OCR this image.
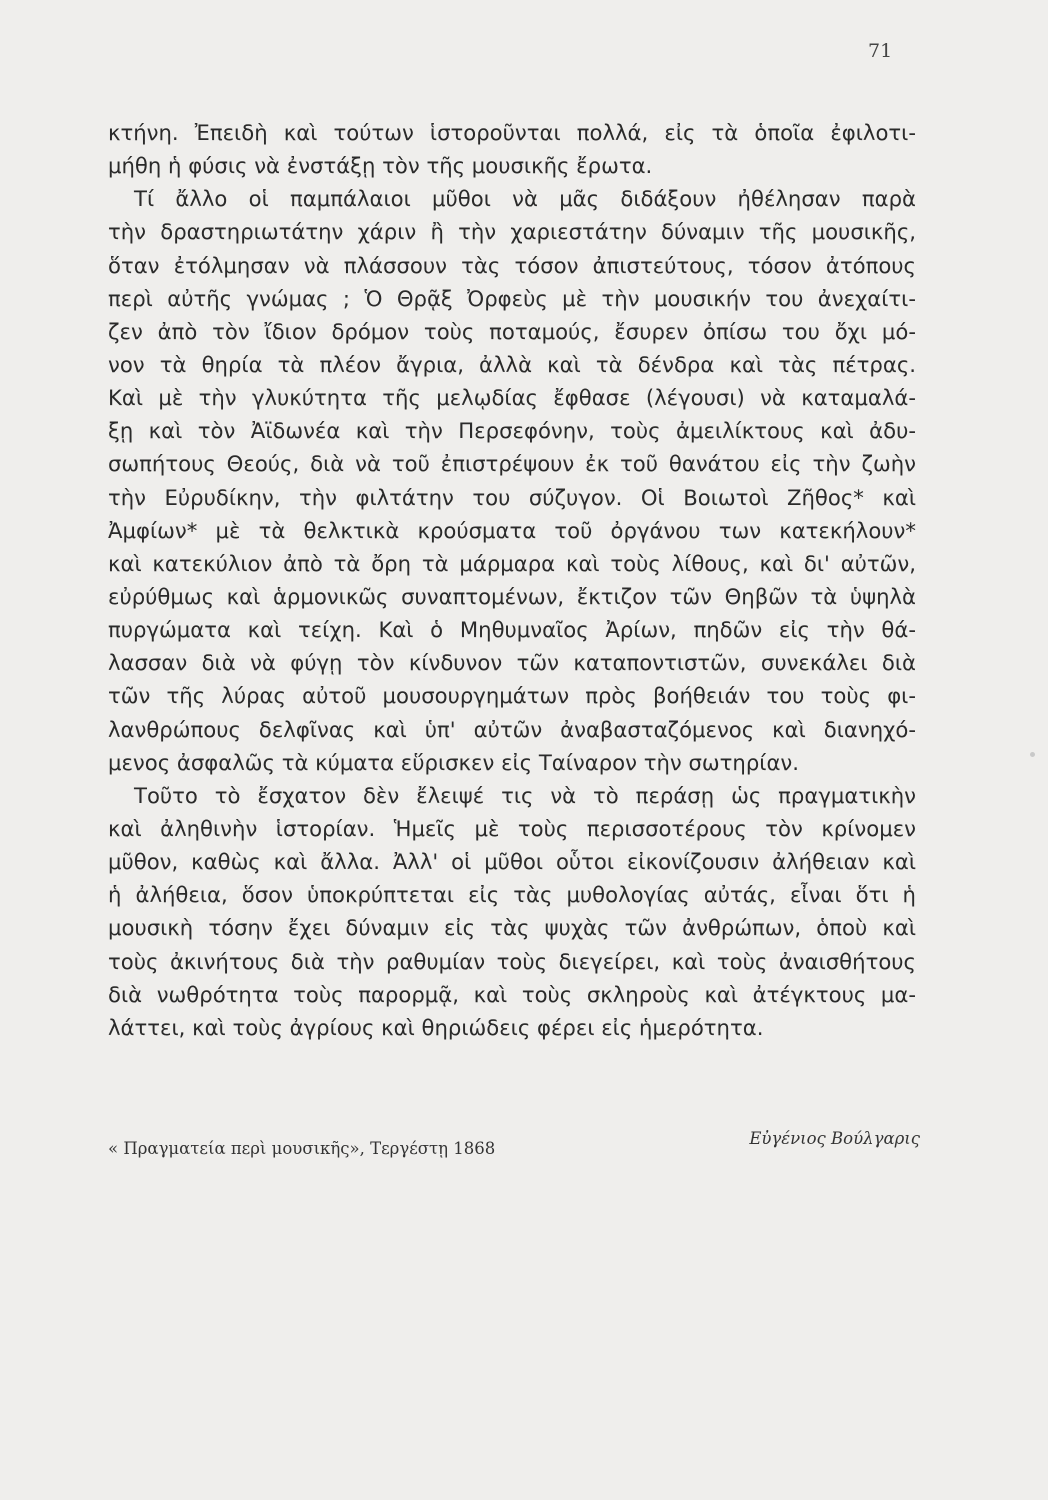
71
κτήνη. Ἐπειδὴ καὶ τούτων ἱστοροῦνται πολλά, εἰς τὰ ὁποῖα ἐφιλοτι-
μήθη ἡ φύσις νὰ ἐνστάξῃ τὸν τῆς μουσικῆς ἔρωτα.
Τί ἄλλο οἱ παμπάλαιοι μῦθοι νὰ μᾶς διδάξουν ἠθέλησαν παρὰ
τὴν δραστηριωτάτην χάριν ἢ τὴν χαριεστάτην δύναμιν τῆς μουσικῆς,
ὅταν ἐτόλμησαν νὰ πλάσσουν τὰς τόσον ἀπιστεύτους, τόσον ἀτόπους
περὶ αὐτῆς γνώμας ; Ὁ Θρᾷξ Ὀρφεὺς μὲ τὴν μουσικήν του ἀνεχαίτι-
ζεν ἀπὸ τὸν ἴδιον δρόμον τοὺς ποταμούς, ἔσυρεν ὀπίσω του ὄχι μό-
νον τὰ θηρία τὰ πλέον ἄγρια, ἀλλὰ καὶ τὰ δένδρα καὶ τὰς πέτρας.
Καὶ μὲ τὴν γλυκύτητα τῆς μελῳδίας ἔφθασε (λέγουσι) νὰ καταμαλά-
ξῃ καὶ τὸν Ἀϊδωνέα καὶ τὴν Περσεφόνην, τοὺς ἀμειλίκτους καὶ ἀδυ-
σωπήτους Θεούς, διὰ νὰ τοῦ ἐπιστρέψουν ἐκ τοῦ θανάτου εἰς τὴν ζωὴν
τὴν Εὐρυδίκην, τὴν φιλτάτην του σύζυγον. Οἱ Βοιωτοὶ Ζῆθος* καὶ
Ἀμφίων* μὲ τὰ θελκτικὰ κρούσματα τοῦ ὀργάνου των κατεκήλουν*
καὶ κατεκύλιον ἀπὸ τὰ ὄρη τὰ μάρμαρα καὶ τοὺς λίθους, καὶ δι' αὐτῶν,
εὐρύθμως καὶ ἁρμονικῶς συναπτομένων, ἔκτιζον τῶν Θηβῶν τὰ ὑψηλὰ
πυργώματα καὶ τείχη. Καὶ ὁ Μηθυμναῖος Ἀρίων, πηδῶν εἰς τὴν θά-
λασσαν διὰ νὰ φύγῃ τὸν κίνδυνον τῶν καταποντιστῶν, συνεκάλει διὰ
τῶν τῆς λύρας αὐτοῦ μουσουργημάτων πρὸς βοήθειάν του τοὺς φι-
λανθρώπους δελφῖνας καὶ ὑπ' αὐτῶν ἀναβασταζόμενος καὶ διανηχό-
μενος ἀσφαλῶς τὰ κύματα εὕρισκεν εἰς Ταίναρον τὴν σωτηρίαν.
Τοῦτο τὸ ἔσχατον δὲν ἔλειψέ τις νὰ τὸ περάσῃ ὡς πραγματικὴν
καὶ ἀληθινὴν ἱστορίαν. Ἡμεῖς μὲ τοὺς περισσοτέρους τὸν κρίνομεν
μῦθον, καθὼς καὶ ἄλλα. Ἀλλ' οἱ μῦθοι οὗτοι εἰκονίζουσιν ἀλήθειαν καὶ
ἡ ἀλήθεια, ὅσον ὑποκρύπτεται εἰς τὰς μυθολογίας αὐτάς, εἶναι ὅτι ἡ
μουσικὴ τόσην ἔχει δύναμιν εἰς τὰς ψυχὰς τῶν ἀνθρώπων, ὁποὺ καὶ
τοὺς ἀκινήτους διὰ τὴν ραθυμίαν τοὺς διεγείρει, καὶ τοὺς ἀναισθήτους
διὰ νωθρότητα τοὺς παρορμᾷ, καὶ τοὺς σκληροὺς καὶ ἀτέγκτους μα-
λάττει, καὶ τοὺς ἀγρίους καὶ θηριώδεις φέρει εἰς ἡμερότητα.
« Πραγματεία περὶ μουσικῆς», Τεργέστῃ 1868
Εὐγένιος Βούλγαρις
